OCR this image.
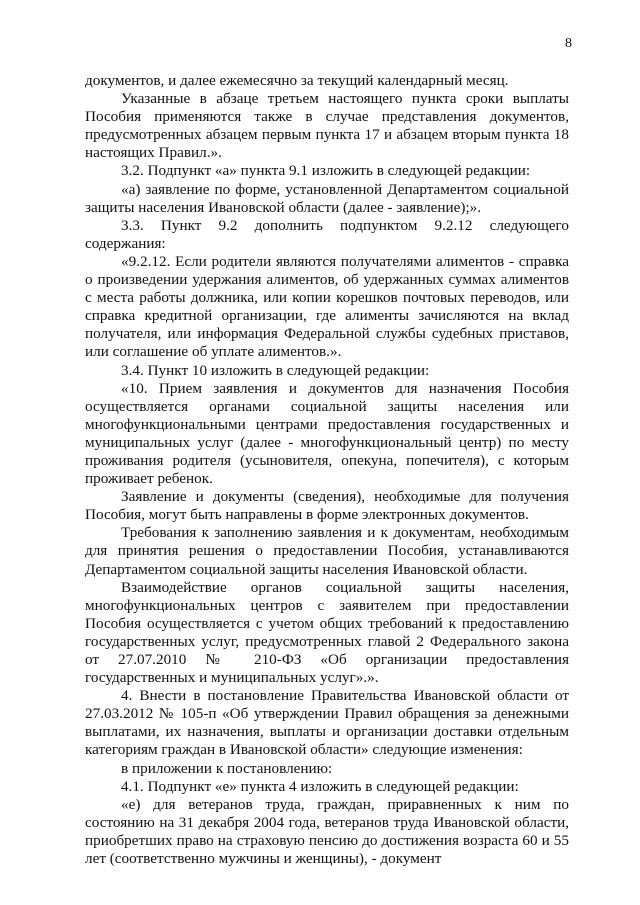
8

документов, и далее ежемесячно за текущий календарный месяц.

Указанные в абзаце третьем настоящего пункта сроки выплаты Пособия применяются также в случае представления документов, предусмотренных абзацем первым пункта 17 и абзацем вторым пункта 18 настоящих Правил.».

3.2. Подпункт «а» пункта 9.1 изложить в следующей редакции:

«а) заявление по форме, установленной Департаментом социальной защиты населения Ивановской области (далее - заявление);».

3.3. Пункт 9.2 дополнить подпунктом 9.2.12 следующего содержания:

«9.2.12. Если родители являются получателями алиментов - справка о произведении удержания алиментов, об удержанных суммах алиментов с места работы должника, или копии корешков почтовых переводов, или справка кредитной организации, где алименты зачисляются на вклад получателя, или информация Федеральной службы судебных приставов, или соглашение об уплате алиментов.».

3.4. Пункт 10 изложить в следующей редакции:

«10. Прием заявления и документов для назначения Пособия осуществляется органами социальной защиты населения или многофункциональными центрами предоставления государственных и муниципальных услуг (далее - многофункциональный центр) по месту проживания родителя (усыновителя, опекуна, попечителя), с которым проживает ребенок.

Заявление и документы (сведения), необходимые для получения Пособия, могут быть направлены в форме электронных документов.

Требования к заполнению заявления и к документам, необходимым для принятия решения о предоставлении Пособия, устанавливаются Департаментом социальной защиты населения Ивановской области.

Взаимодействие органов социальной защиты населения, многофункциональных центров с заявителем при предоставлении Пособия осуществляется с учетом общих требований к предоставлению государственных услуг, предусмотренных главой 2 Федерального закона от 27.07.2010 № 210-ФЗ «Об организации предоставления государственных и муниципальных услуг».».

4. Внести в постановление Правительства Ивановской области от 27.03.2012 № 105-п «Об утверждении Правил обращения за денежными выплатами, их назначения, выплаты и организации доставки отдельным категориям граждан в Ивановской области» следующие изменения:

в приложении к постановлению:

4.1. Подпункт «е» пункта 4 изложить в следующей редакции:

«е) для ветеранов труда, граждан, приравненных к ним по состоянию на 31 декабря 2004 года, ветеранов труда Ивановской области, приобретших право на страховую пенсию до достижения возраста 60 и 55 лет (соответственно мужчины и женщины), - документ
